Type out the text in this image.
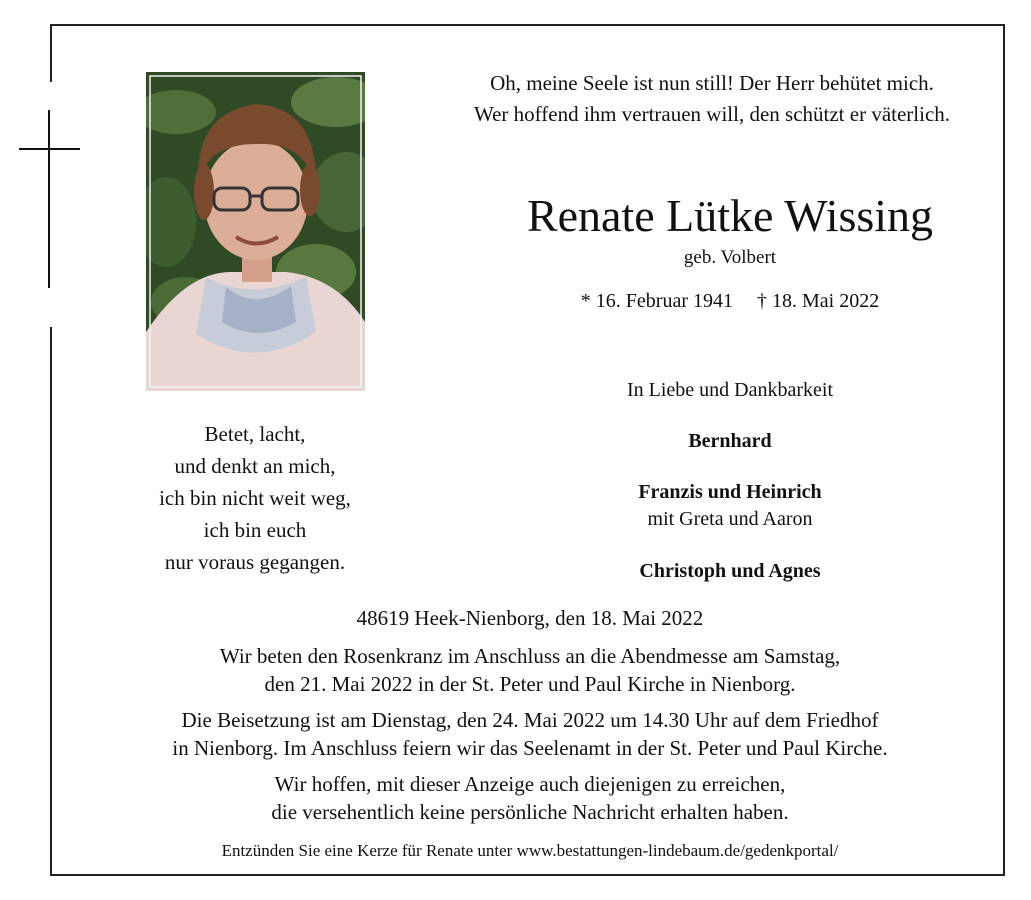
Oh, meine Seele ist nun still! Der Herr behütet mich.
Wer hoffend ihm vertrauen will, den schützt er väterlich.
Renate Lütke Wissing
geb. Volbert
* 16. Februar 1941 † 18. Mai 2022
Betet, lacht,
und denkt an mich,
ich bin nicht weit weg,
ich bin euch
nur voraus gegangen.
In Liebe und Dankbarkeit
Bernhard
Franzis und Heinrich
mit Greta und Aaron
Christoph und Agnes
48619 Heek-Nienborg, den 18. Mai 2022
Wir beten den Rosenkranz im Anschluss an die Abendmesse am Samstag,
den 21. Mai 2022 in der St. Peter und Paul Kirche in Nienborg.
Die Beisetzung ist am Dienstag, den 24. Mai 2022 um 14.30 Uhr auf dem Friedhof
in Nienborg. Im Anschluss feiern wir das Seelenamt in der St. Peter und Paul Kirche.
Wir hoffen, mit dieser Anzeige auch diejenigen zu erreichen,
die versehentlich keine persönliche Nachricht erhalten haben.
Entzünden Sie eine Kerze für Renate unter www.bestattungen-lindebaum.de/gedenkportal/
